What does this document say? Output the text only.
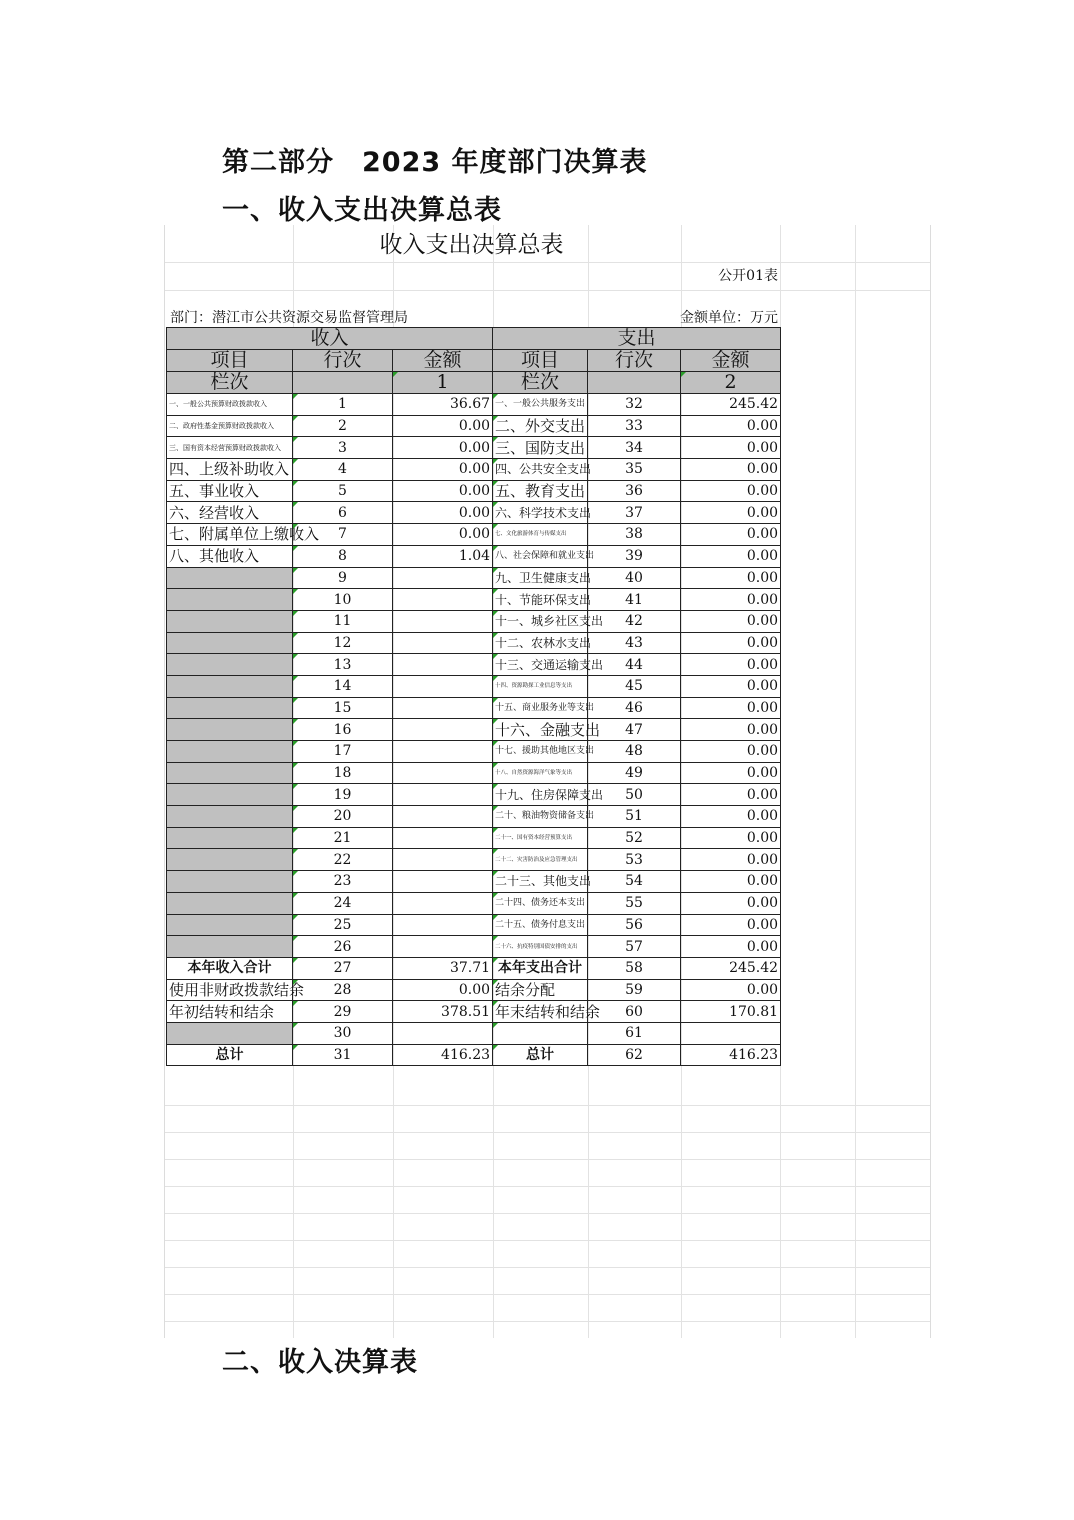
第二部分　2023 年度部门决算表
一、收入支出决算总表
收入支出决算总表
公开01表
部门：潜江市公共资源交易监督管理局	金额单位：万元
收入			支出		
项目	行次	金额	项目	行次	金额
栏次		1	栏次		2
一、一般公共预算财政拨款收入	1	36.67	一、一般公共服务支出	32	245.42
二、政府性基金预算财政拨款收入	2	0.00	二、外交支出	33	0.00
三、国有资本经营预算财政拨款收入	3	0.00	三、国防支出	34	0.00
四、上级补助收入	4	0.00	四、公共安全支出	35	0.00
五、事业收入	5	0.00	五、教育支出	36	0.00
六、经营收入	6	0.00	六、科学技术支出	37	0.00
七、附属单位上缴收入	7	0.00	七、文化旅游体育与传媒支出	38	0.00
八、其他收入	8	1.04	八、社会保障和就业支出	39	0.00
	9		九、卫生健康支出	40	0.00
	10		十、节能环保支出	41	0.00
	11		十一、城乡社区支出	42	0.00
	12		十二、农林水支出	43	0.00
	13		十三、交通运输支出	44	0.00
	14		十四、资源勘探工业信息等支出	45	0.00
	15		十五、商业服务业等支出	46	0.00
	16		十六、金融支出	47	0.00
	17		十七、援助其他地区支出	48	0.00
	18		十八、自然资源海洋气象等支出	49	0.00
	19		十九、住房保障支出	50	0.00
	20		二十、粮油物资储备支出	51	0.00
	21		二十一、国有资本经营预算支出	52	0.00
	22		二十二、灾害防治及应急管理支出	53	0.00
	23		二十三、其他支出	54	0.00
	24		二十四、债务还本支出	55	0.00
	25		二十五、债务付息支出	56	0.00
	26		二十六、抗疫特别国债安排的支出	57	0.00
本年收入合计	27	37.71	本年支出合计	58	245.42
使用非财政拨款结余	28	0.00	结余分配	59	0.00
年初结转和结余	29	378.51	年末结转和结余	60	170.81
	30			61	
总计	31	416.23	总计	62	416.23
二、收入决算表
